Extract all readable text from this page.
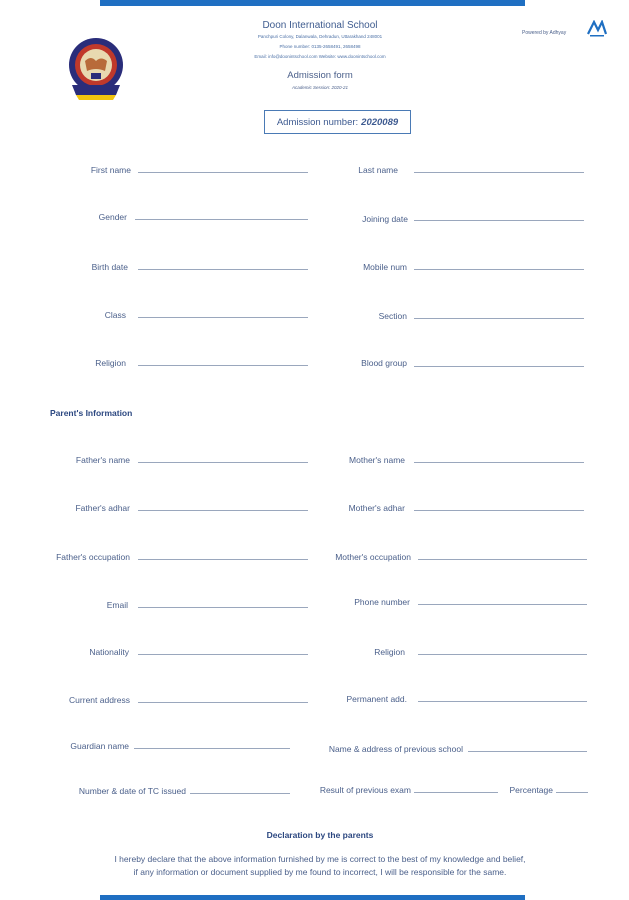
Doon International School
Panchpuri Colony, Dalanwala, Dehradun, Uttarakhand 248001
Phone number: 0135-2658491, 2658498
Email: info@doonintschool.com Website: www.doonintschool.com
Powered by Adhyay
Admission form
Academic Session: 2020-21
Admission number: 2020089
First name	Last name
Gender	Joining date
Birth date	Mobile num
Class	Section
Religion	Blood group
Parent's Information
Father's name	Mother's name
Father's adhar	Mother's adhar
Father's occupation	Mother's occupation
Email	Phone number
Nationality	Religion
Current address	Permanent add.
Guardian name	Name & address of previous school
Number & date of TC issued	Result of previous exam	Percentage
Declaration by the parents
I hereby declare that the above information furnished by me is correct to the best of my knowledge and belief,
if any information or document supplied by me found to incorrect, I will be responsible for the same.
